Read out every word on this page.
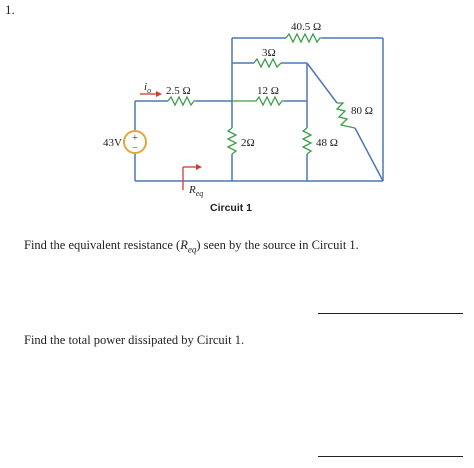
1.
+
−
43V
$i_o$
$R_{eq}$
2.5 Ω	12 Ω
3Ω
40.5 Ω
2Ω	48 Ω
80 Ω
Circuit 1
Find the equivalent resistance $(R_{eq})$ seen by the source in Circuit 1.
Find the total power dissipated by Circuit 1.
